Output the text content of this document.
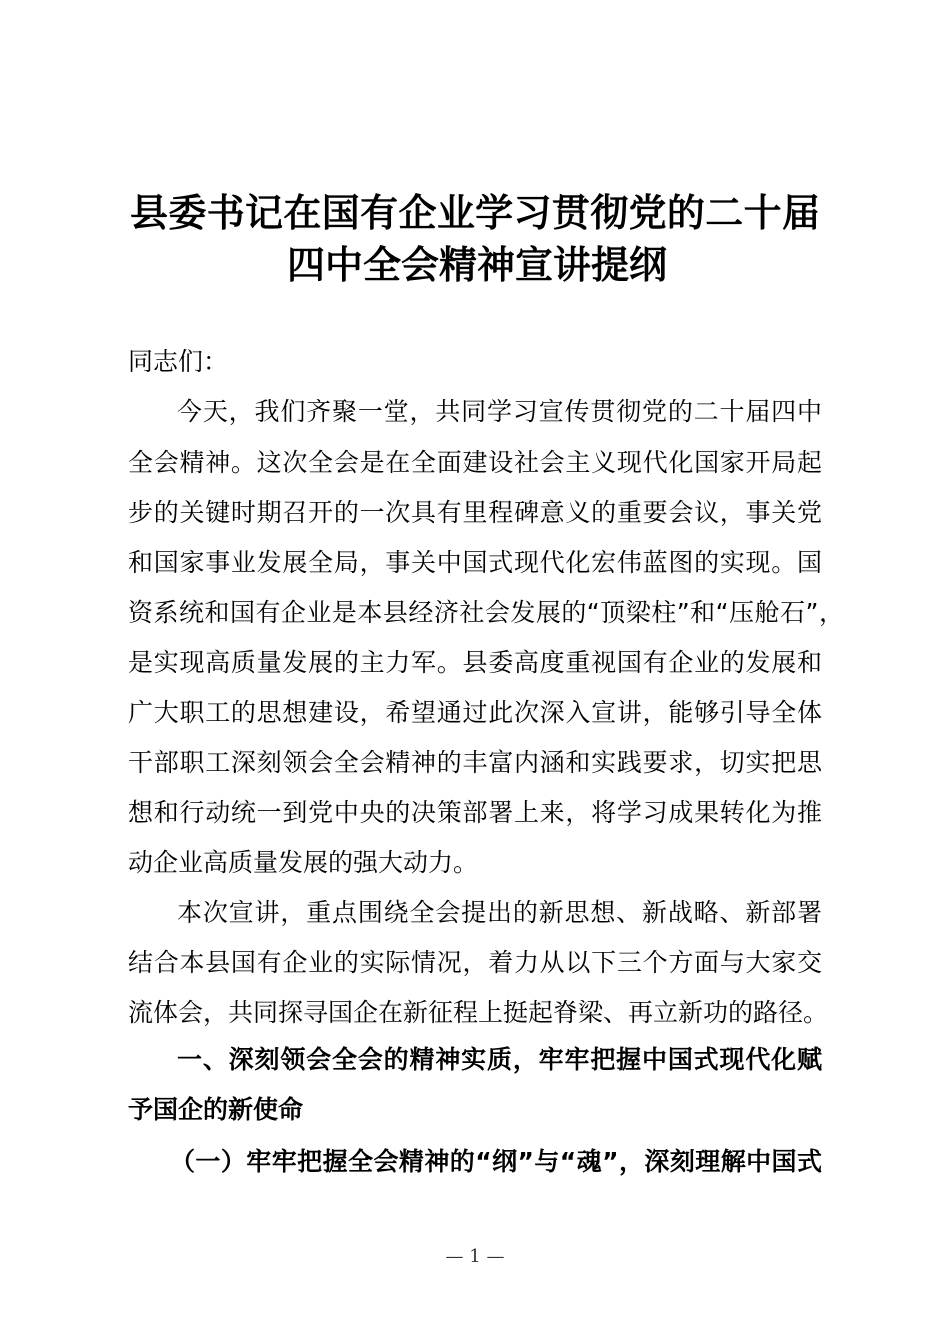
县委书记在国有企业学习贯彻党的二十届
四中全会精神宣讲提纲
同志们：
今天，我们齐聚一堂，共同学习宣传贯彻党的二十届四中
全会精神。这次全会是在全面建设社会主义现代化国家开局起
步的关键时期召开的一次具有里程碑意义的重要会议，事关党
和国家事业发展全局，事关中国式现代化宏伟蓝图的实现。国
资系统和国有企业是本县经济社会发展的“顶梁柱”和“压舱石”，
是实现高质量发展的主力军。县委高度重视国有企业的发展和
广大职工的思想建设，希望通过此次深入宣讲，能够引导全体
干部职工深刻领会全会精神的丰富内涵和实践要求，切实把思
想和行动统一到党中央的决策部署上来，将学习成果转化为推
动企业高质量发展的强大动力。
本次宣讲，重点围绕全会提出的新思想、新战略、新部署
结合本县国有企业的实际情况，着力从以下三个方面与大家交
流体会，共同探寻国企在新征程上挺起脊梁、再立新功的路径。
一、深刻领会全会的精神实质，牢牢把握中国式现代化赋
予国企的新使命
（一）牢牢把握全会精神的“纲”与“魂”，深刻理解中国式
— 1 —
